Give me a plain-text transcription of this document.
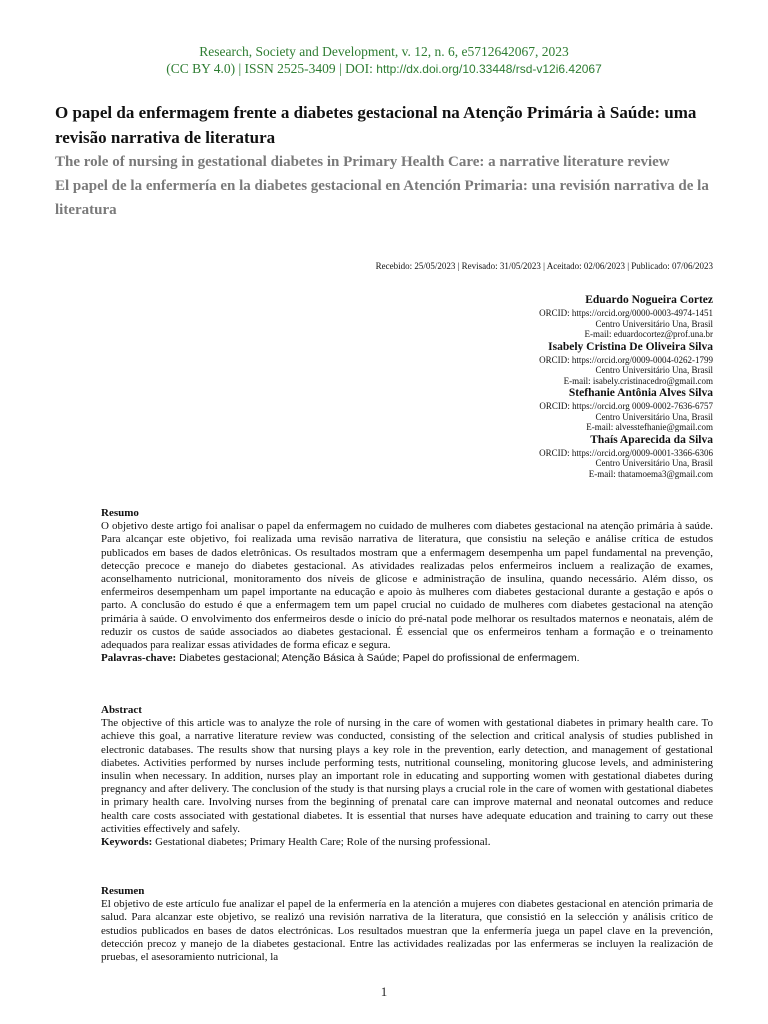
Research, Society and Development, v. 12, n. 6, e5712642067, 2023
(CC BY 4.0) | ISSN 2525-3409 | DOI: http://dx.doi.org/10.33448/rsd-v12i6.42067
O papel da enfermagem frente a diabetes gestacional na Atenção Primária à Saúde: uma revisão narrativa de literatura
The role of nursing in gestational diabetes in Primary Health Care: a narrative literature review
El papel de la enfermería en la diabetes gestacional en Atención Primaria: una revisión narrativa de la literatura
Recebido: 25/05/2023 | Revisado: 31/05/2023 | Aceitado: 02/06/2023 | Publicado: 07/06/2023
Eduardo Nogueira Cortez
ORCID: https://orcid.org/0000-0003-4974-1451
Centro Universitário Una, Brasil
E-mail: eduardocortez@prof.una.br
Isabely Cristina De Oliveira Silva
ORCID: https://orcid.org/0009-0004-0262-1799
Centro Universitário Una, Brasil
E-mail: isabely.cristinacedro@gmail.com
Stefhanie Antônia Alves Silva
ORCID: https://orcid.org 0009-0002-7636-6757
Centro Universitário Una, Brasil
E-mail: alvesstefhanie@gmail.com
Thaís Aparecida da Silva
ORCID: https://orcid.org/0009-0001-3366-6306
Centro Universitário Una, Brasil
E-mail: thatamoema3@gmail.com
Resumo
O objetivo deste artigo foi analisar o papel da enfermagem no cuidado de mulheres com diabetes gestacional na atenção primária à saúde. Para alcançar este objetivo, foi realizada uma revisão narrativa de literatura, que consistiu na seleção e análise crítica de estudos publicados em bases de dados eletrônicas. Os resultados mostram que a enfermagem desempenha um papel fundamental na prevenção, detecção precoce e manejo do diabetes gestacional. As atividades realizadas pelos enfermeiros incluem a realização de exames, aconselhamento nutricional, monitoramento dos níveis de glicose e administração de insulina, quando necessário. Além disso, os enfermeiros desempenham um papel importante na educação e apoio às mulheres com diabetes gestacional durante a gestação e após o parto. A conclusão do estudo é que a enfermagem tem um papel crucial no cuidado de mulheres com diabetes gestacional na atenção primária à saúde. O envolvimento dos enfermeiros desde o início do pré-natal pode melhorar os resultados maternos e neonatais, além de reduzir os custos de saúde associados ao diabetes gestacional. É essencial que os enfermeiros tenham a formação e o treinamento adequados para realizar essas atividades de forma eficaz e segura.
Palavras-chave: Diabetes gestacional; Atenção Básica à Saúde; Papel do profissional de enfermagem.
Abstract
The objective of this article was to analyze the role of nursing in the care of women with gestational diabetes in primary health care. To achieve this goal, a narrative literature review was conducted, consisting of the selection and critical analysis of studies published in electronic databases. The results show that nursing plays a key role in the prevention, early detection, and management of gestational diabetes. Activities performed by nurses include performing tests, nutritional counseling, monitoring glucose levels, and administering insulin when necessary. In addition, nurses play an important role in educating and supporting women with gestational diabetes during pregnancy and after delivery. The conclusion of the study is that nursing plays a crucial role in the care of women with gestational diabetes in primary health care. Involving nurses from the beginning of prenatal care can improve maternal and neonatal outcomes and reduce health care costs associated with gestational diabetes. It is essential that nurses have adequate education and training to carry out these activities effectively and safely.
Keywords: Gestational diabetes; Primary Health Care; Role of the nursing professional.
Resumen
El objetivo de este artículo fue analizar el papel de la enfermería en la atención a mujeres con diabetes gestacional en atención primaria de salud. Para alcanzar este objetivo, se realizó una revisión narrativa de la literatura, que consistió en la selección y análisis crítico de estudios publicados en bases de datos electrónicas. Los resultados muestran que la enfermería juega un papel clave en la prevención, detección precoz y manejo de la diabetes gestacional. Entre las actividades realizadas por las enfermeras se incluyen la realización de pruebas, el asesoramiento nutricional, la
1
